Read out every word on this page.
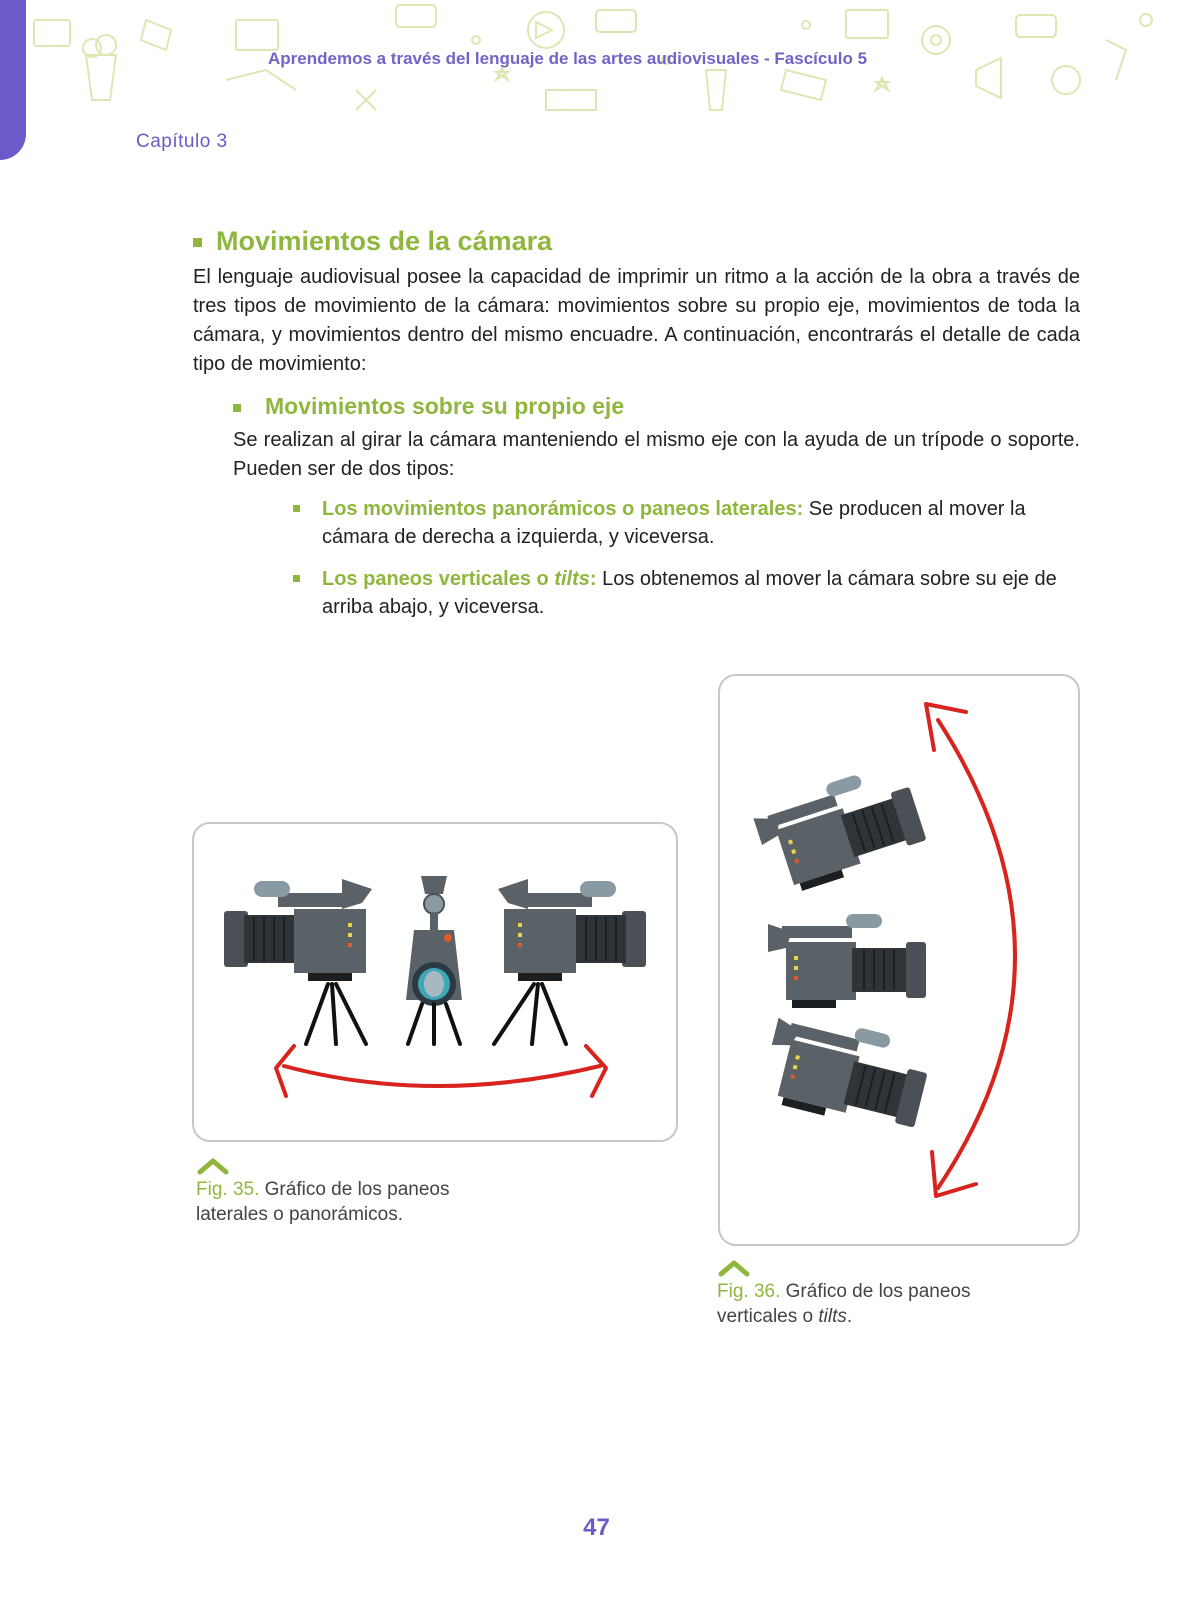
Aprendemos a través del lenguaje de las artes audiovisuales - Fascículo 5
Capítulo 3
Movimientos de la cámara

El lenguaje audiovisual posee la capacidad de imprimir un ritmo a la acción de la obra a través de tres tipos de movimiento de la cámara: movimientos sobre su propio eje, movimientos de toda la cámara, y movimientos dentro del mismo encuadre. A continuación, encontrarás el detalle de cada tipo de movimiento:

Movimientos sobre su propio eje

Se realizan al girar la cámara manteniendo el mismo eje con la ayuda de un trípode o soporte. Pueden ser de dos tipos:

Los movimientos panorámicos o paneos laterales: Se producen al mover la cámara de derecha a izquierda, y viceversa.
Los paneos verticales o tilts: Los obtenemos al mover la cámara sobre su eje de arriba abajo, y viceversa.
Fig. 35. Gráfico de los paneos laterales o panorámicos.
Fig. 36. Gráfico de los paneos verticales o tilts.
47
